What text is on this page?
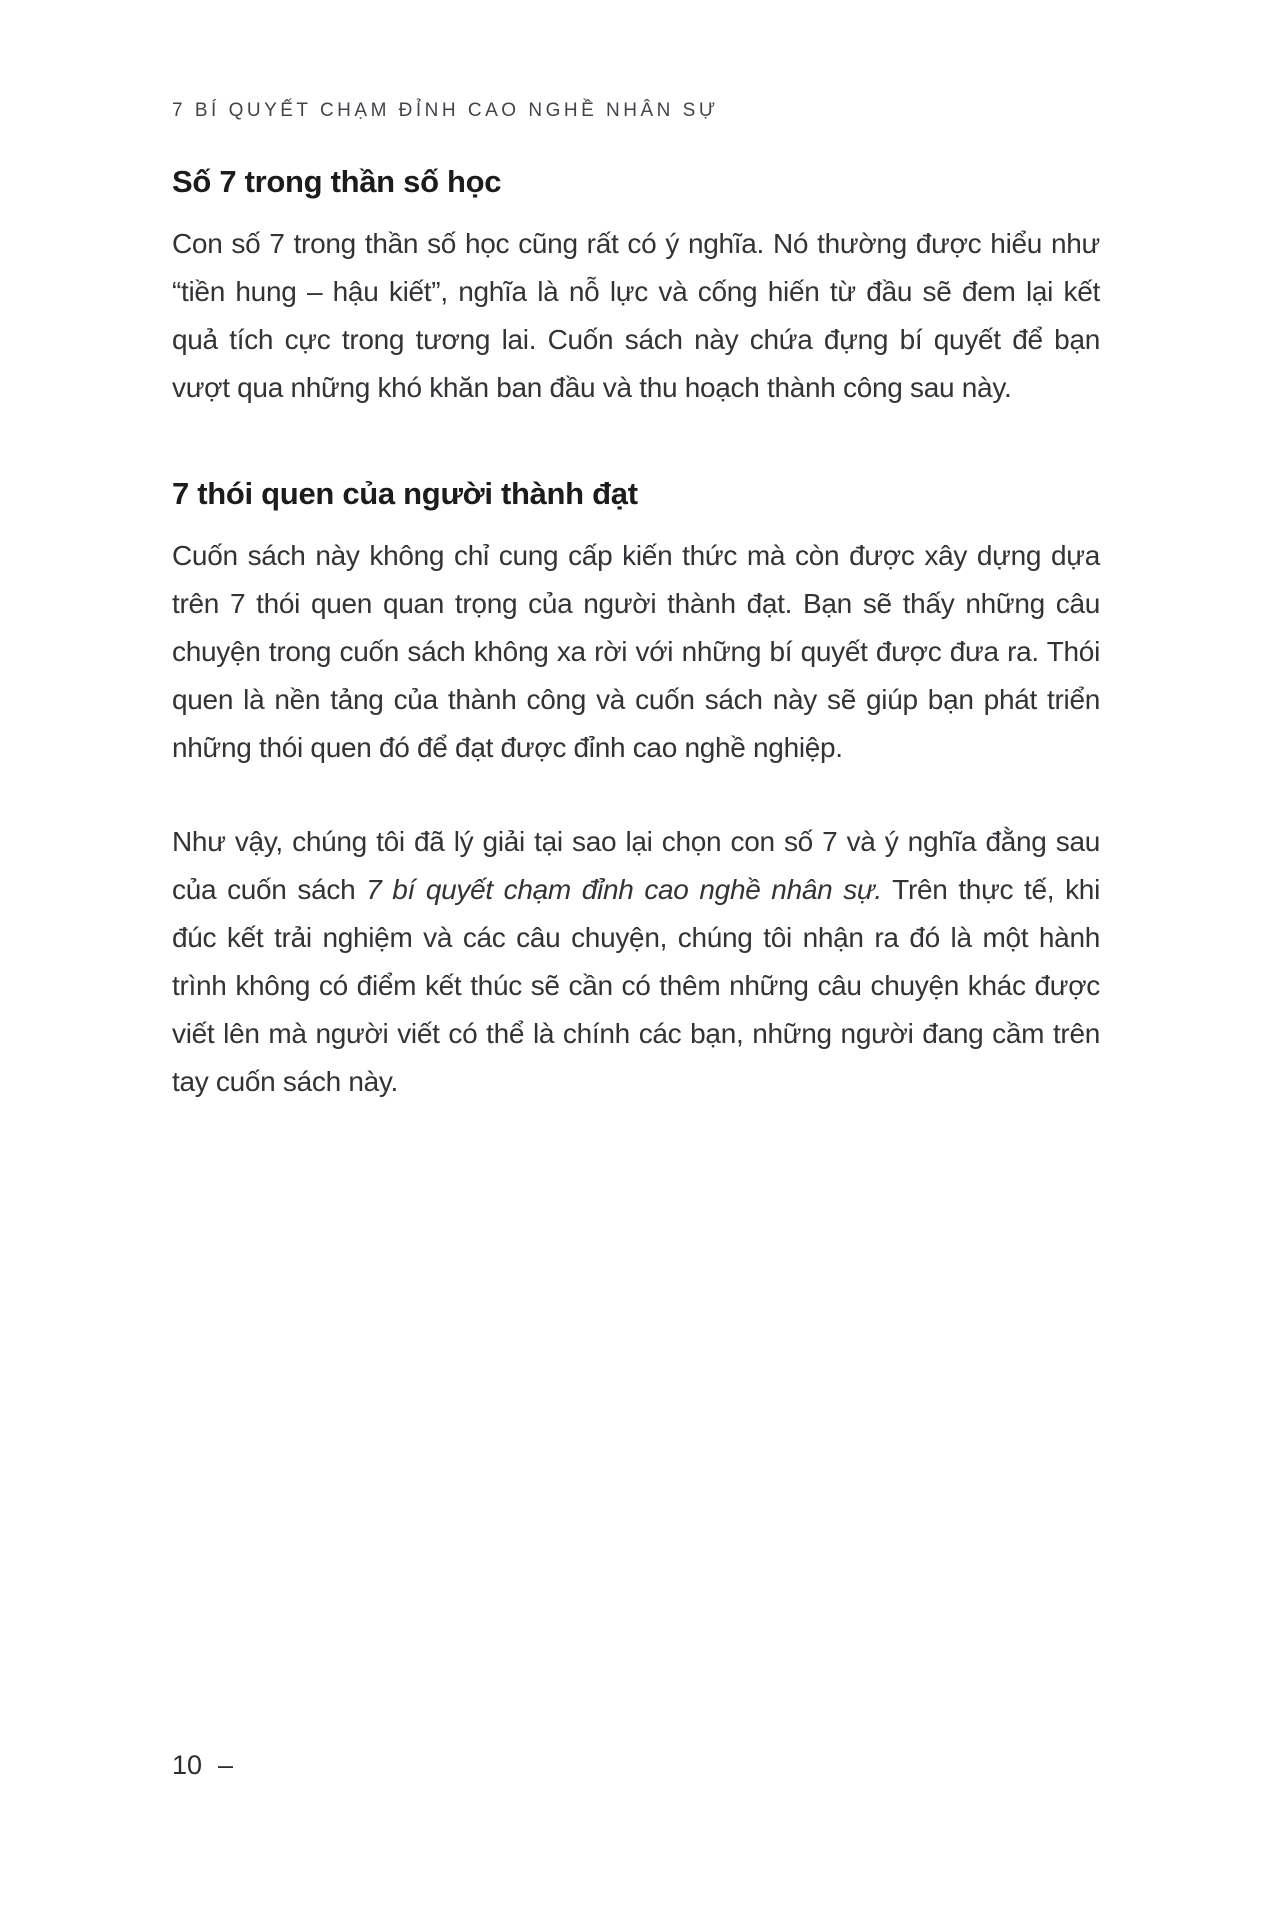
7 BÍ QUYẾT CHẠM ĐỈNH CAO NGHỀ NHÂN SỰ
Số 7 trong thần số học

Con số 7 trong thần số học cũng rất có ý nghĩa. Nó thường được hiểu như “tiền hung – hậu kiết”, nghĩa là nỗ lực và cống hiến từ đầu sẽ đem lại kết quả tích cực trong tương lai. Cuốn sách này chứa đựng bí quyết để bạn vượt qua những khó khăn ban đầu và thu hoạch thành công sau này.

7 thói quen của người thành đạt

Cuốn sách này không chỉ cung cấp kiến thức mà còn được xây dựng dựa trên 7 thói quen quan trọng của người thành đạt. Bạn sẽ thấy những câu chuyện trong cuốn sách không xa rời với những bí quyết được đưa ra. Thói quen là nền tảng của thành công và cuốn sách này sẽ giúp bạn phát triển những thói quen đó để đạt được đỉnh cao nghề nghiệp.

Như vậy, chúng tôi đã lý giải tại sao lại chọn con số 7 và ý nghĩa đằng sau của cuốn sách 7 bí quyết chạm đỉnh cao nghề nhân sự. Trên thực tế, khi đúc kết trải nghiệm và các câu chuyện, chúng tôi nhận ra đó là một hành trình không có điểm kết thúc sẽ cần có thêm những câu chuyện khác được viết lên mà người viết có thể là chính các bạn, những người đang cầm trên tay cuốn sách này.

10 –
